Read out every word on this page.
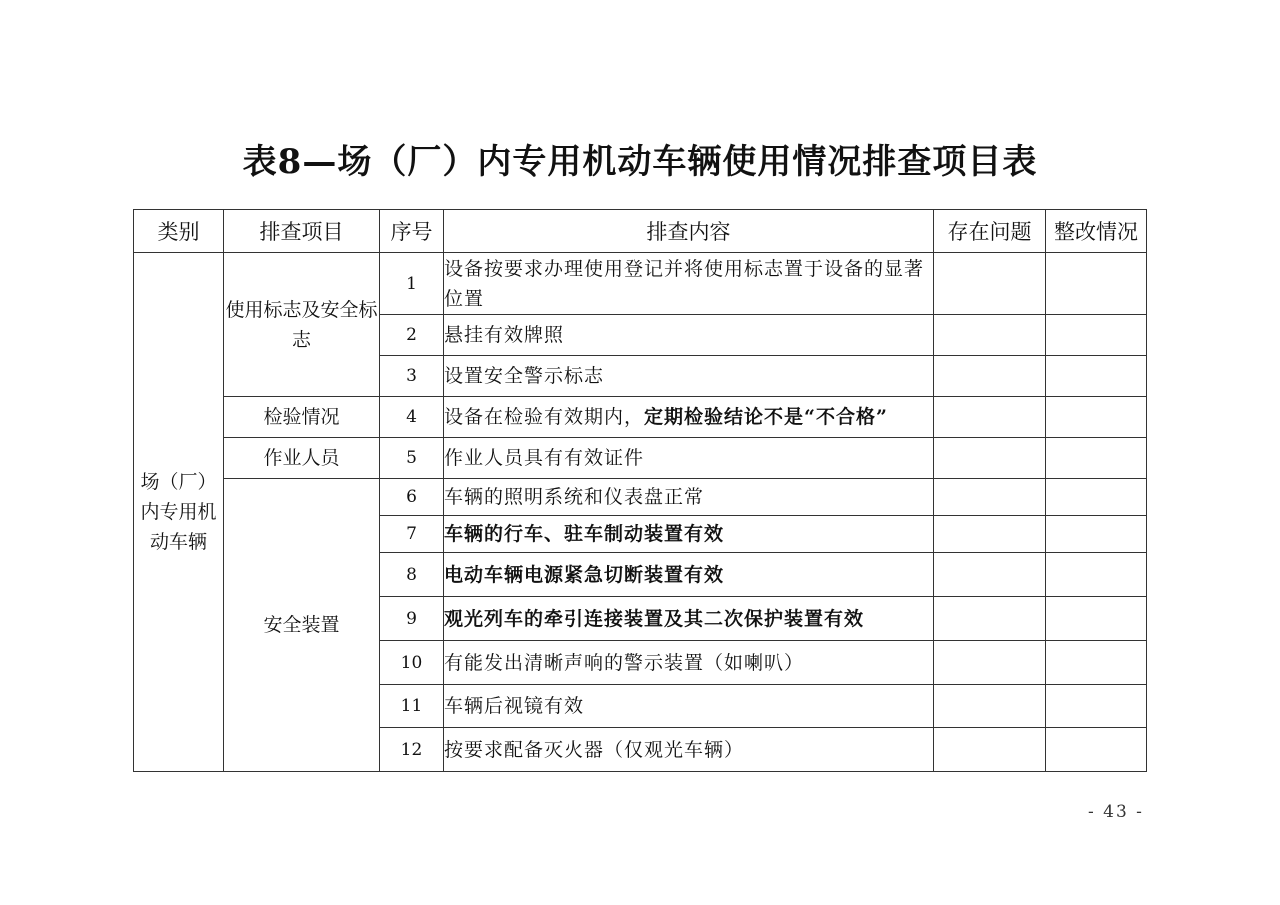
表8—场（厂）内专用机动车辆使用情况排查项目表
类别	排查项目	序号	排查内容	存在问题	整改情况
场（厂）内专用机动车辆	使用标志及安全标志	1	设备按要求办理使用登记并将使用标志置于设备的显著位置		
		2	悬挂有效牌照		
		3	设置安全警示标志		
	检验情况	4	设备在检验有效期内，定期检验结论不是“不合格”		
	作业人员	5	作业人员具有有效证件		
	安全装置	6	车辆的照明系统和仪表盘正常		
		7	车辆的行车、驻车制动装置有效		
		8	电动车辆电源紧急切断装置有效		
		9	观光列车的牵引连接装置及其二次保护装置有效		
		10	有能发出清晰声响的警示装置（如喇叭）		
		11	车辆后视镜有效		
		12	按要求配备灭火器（仅观光车辆）		
- 43 -
